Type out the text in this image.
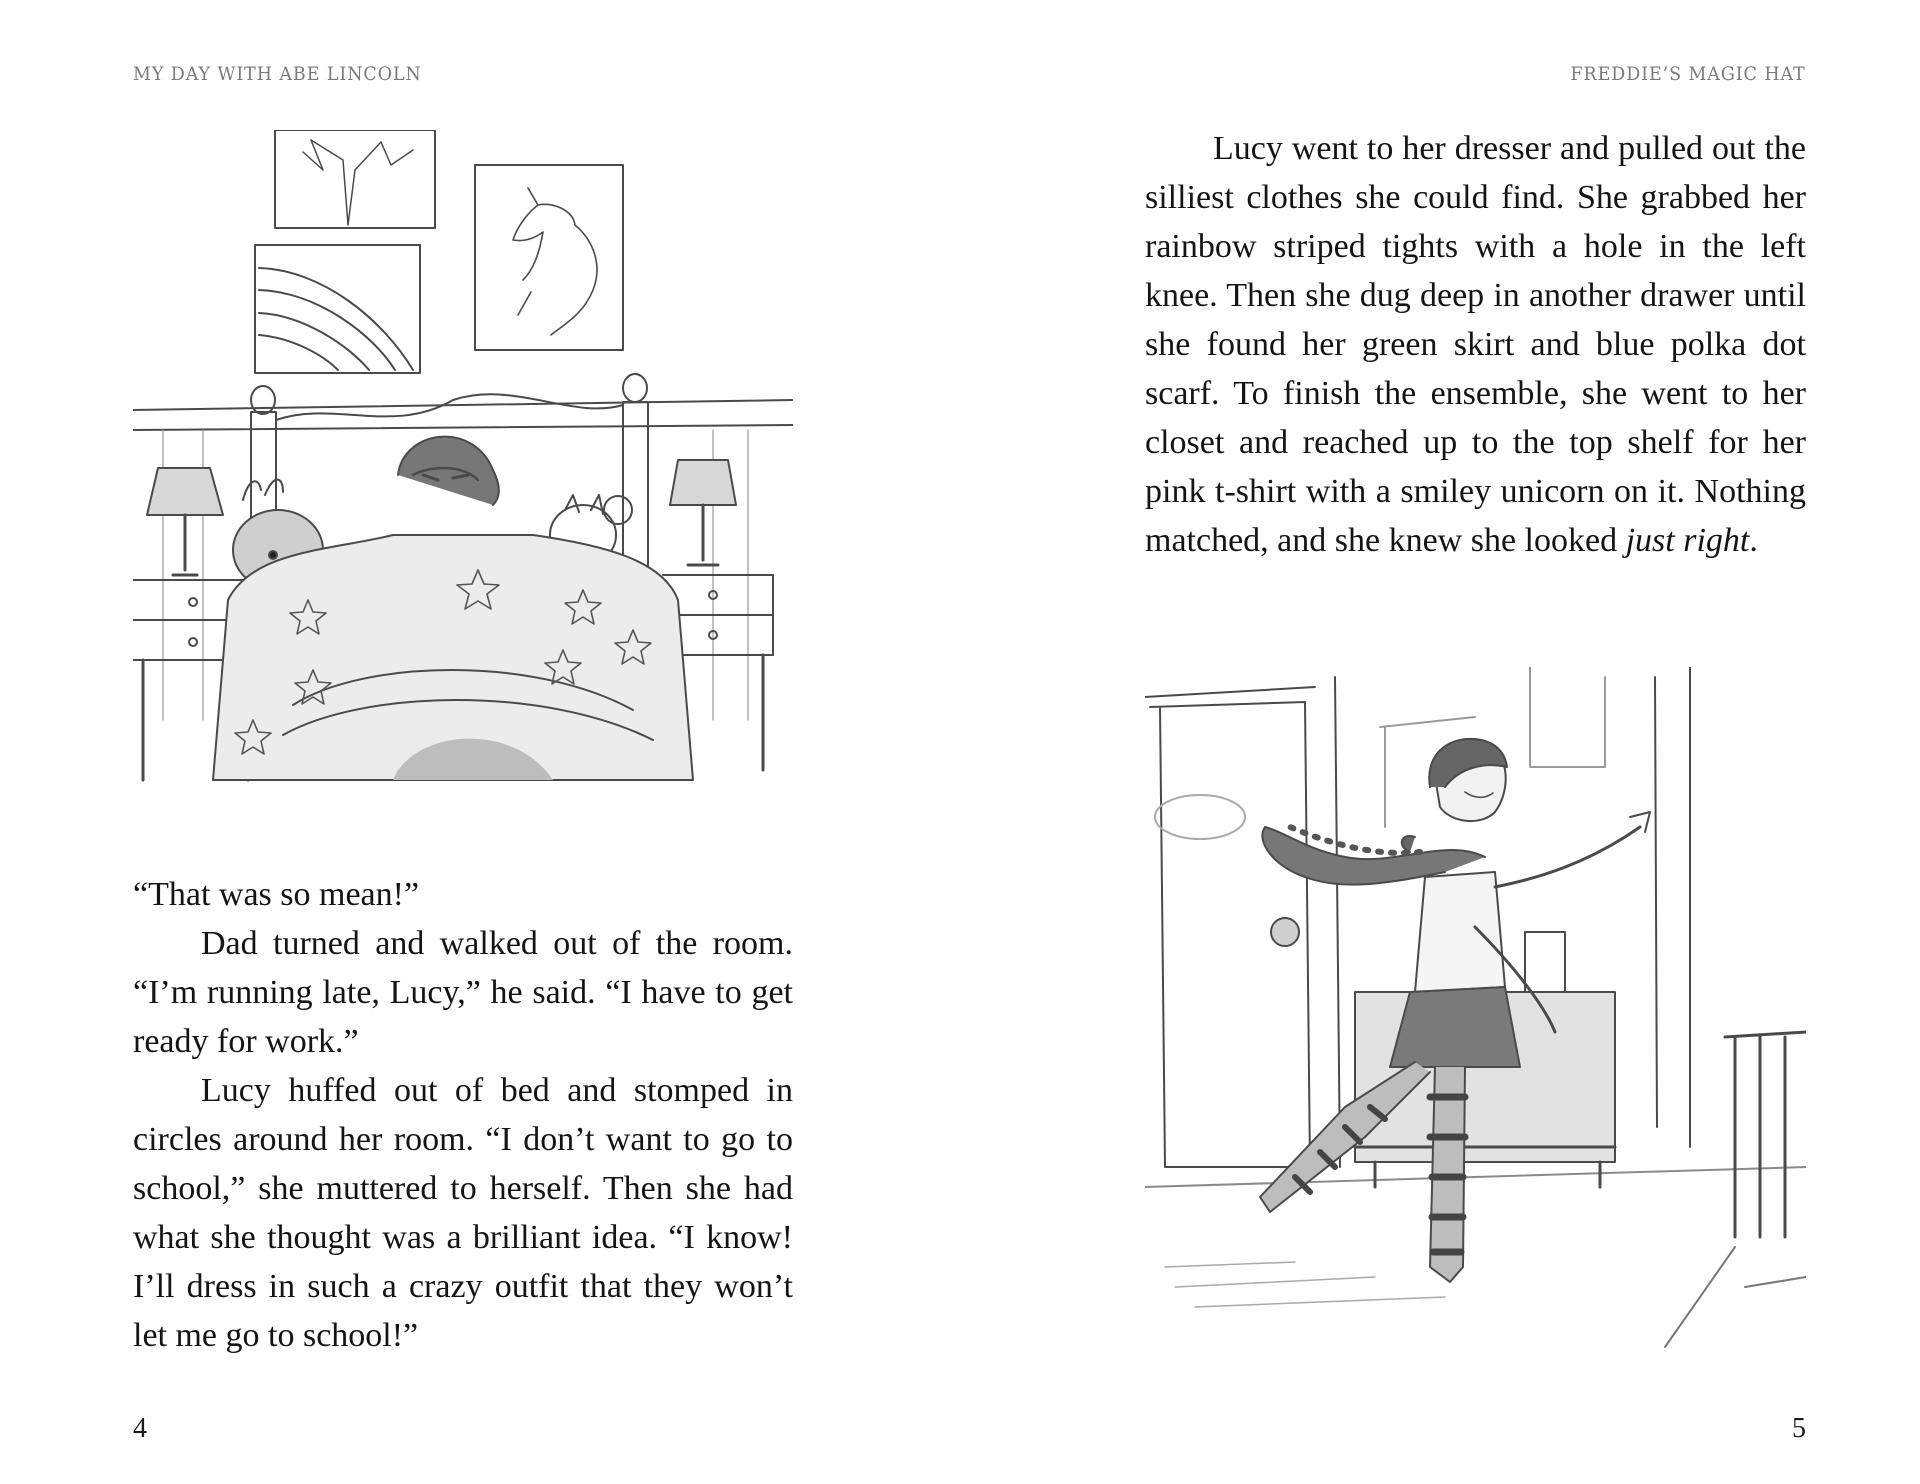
MY DAY WITH ABE LINCOLN

“That was so mean!”

Dad turned and walked out of the room. “I’m running late, Lucy,” he said. “I have to get ready for work.”

Lucy huffed out of bed and stomped in circles around her room. “I don’t want to go to school,” she muttered to herself. Then she had what she thought was a brilliant idea. “I know! I’ll dress in such a crazy outfit that they won’t let me go to school!”

4
FREDDIE’S MAGIC HAT

Lucy went to her dresser and pulled out the silliest clothes she could find. She grabbed her rainbow striped tights with a hole in the left knee. Then she dug deep in another drawer until she found her green skirt and blue polka dot scarf. To finish the ensemble, she went to her closet and reached up to the top shelf for her pink t-shirt with a smiley unicorn on it. Nothing matched, and she knew she looked just right.

5
